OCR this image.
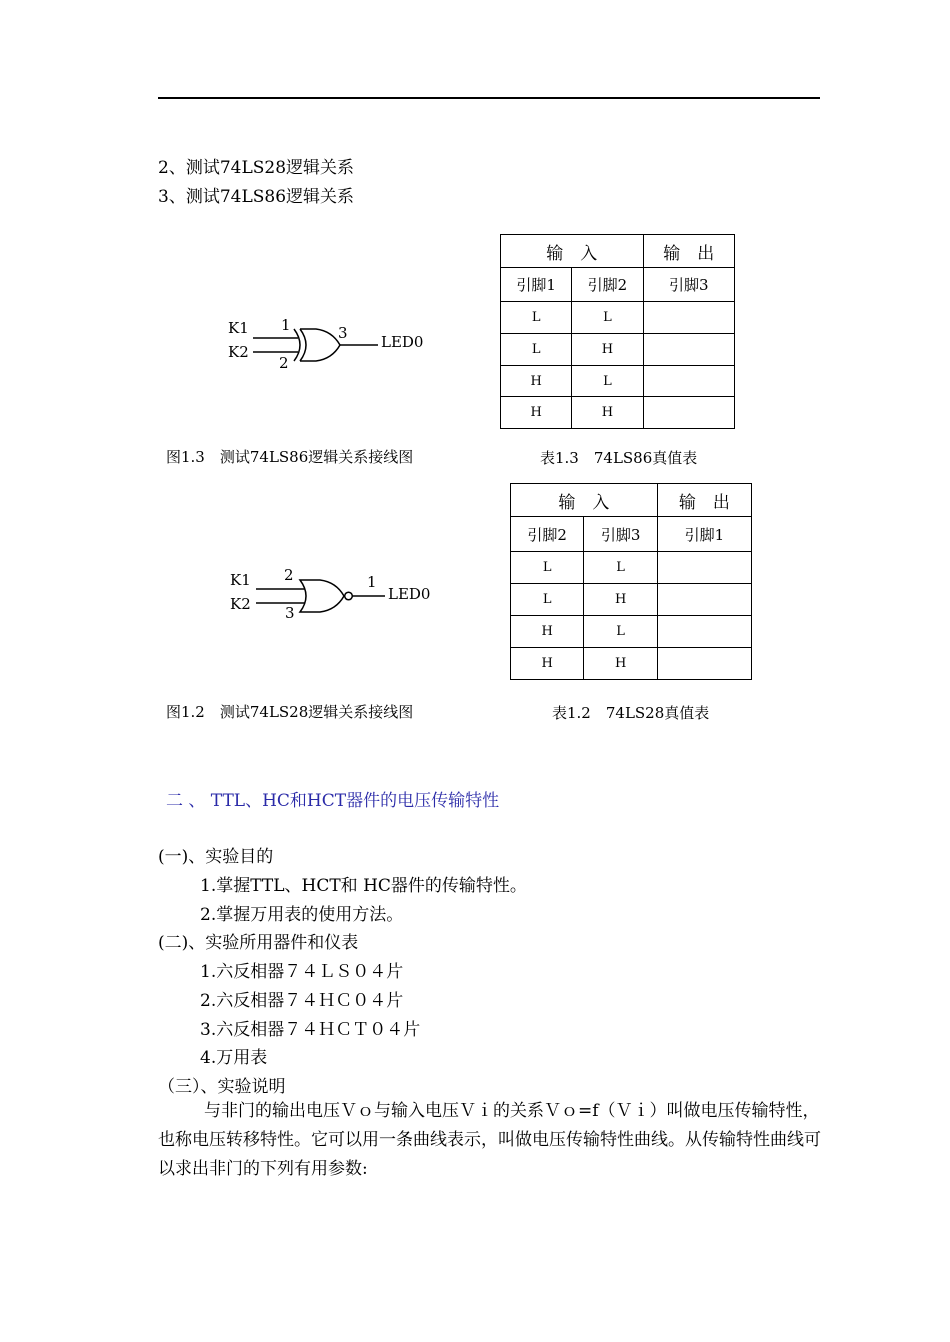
2、测试74LS28逻辑关系
3、测试74LS86逻辑关系
K1
K2
1
2
3 LED0
输　入		输　出
引脚1	引脚2	引脚3
L	L	
L	H	
H	L	
H	H	
图1.3　测试74LS86逻辑关系接线图	表1.3　74LS86真值表
K1
K2
2
3
1
LED0
输　入		输　出
引脚2	引脚3	引脚1
L	L	
L	H	
H	L	
H	H	
图1.2　测试74LS28逻辑关系接线图	表1.2　74LS28真值表
二 、 TTL、HC和HCT器件的电压传输特性
(一)、实验目的
1.掌握TTL、HCT和 HC器件的传输特性。
2.掌握万用表的使用方法。
(二)、实验所用器件和仪表
1.六反相器７４ＬＳ０４片
2.六反相器７４ＨＣ０４片
3.六反相器７４ＨＣＴ０４片
4.万用表
（三）、实验说明
与非门的输出电压Ｖｏ与输入电压Ｖｉ的关系Ｖｏ=f（Ｖｉ）叫做电压传输特性，也称电压转移特性。它可以用一条曲线表示，叫做电压传输特性曲线。从传输特性曲线可以求出非门的下列有用参数:
